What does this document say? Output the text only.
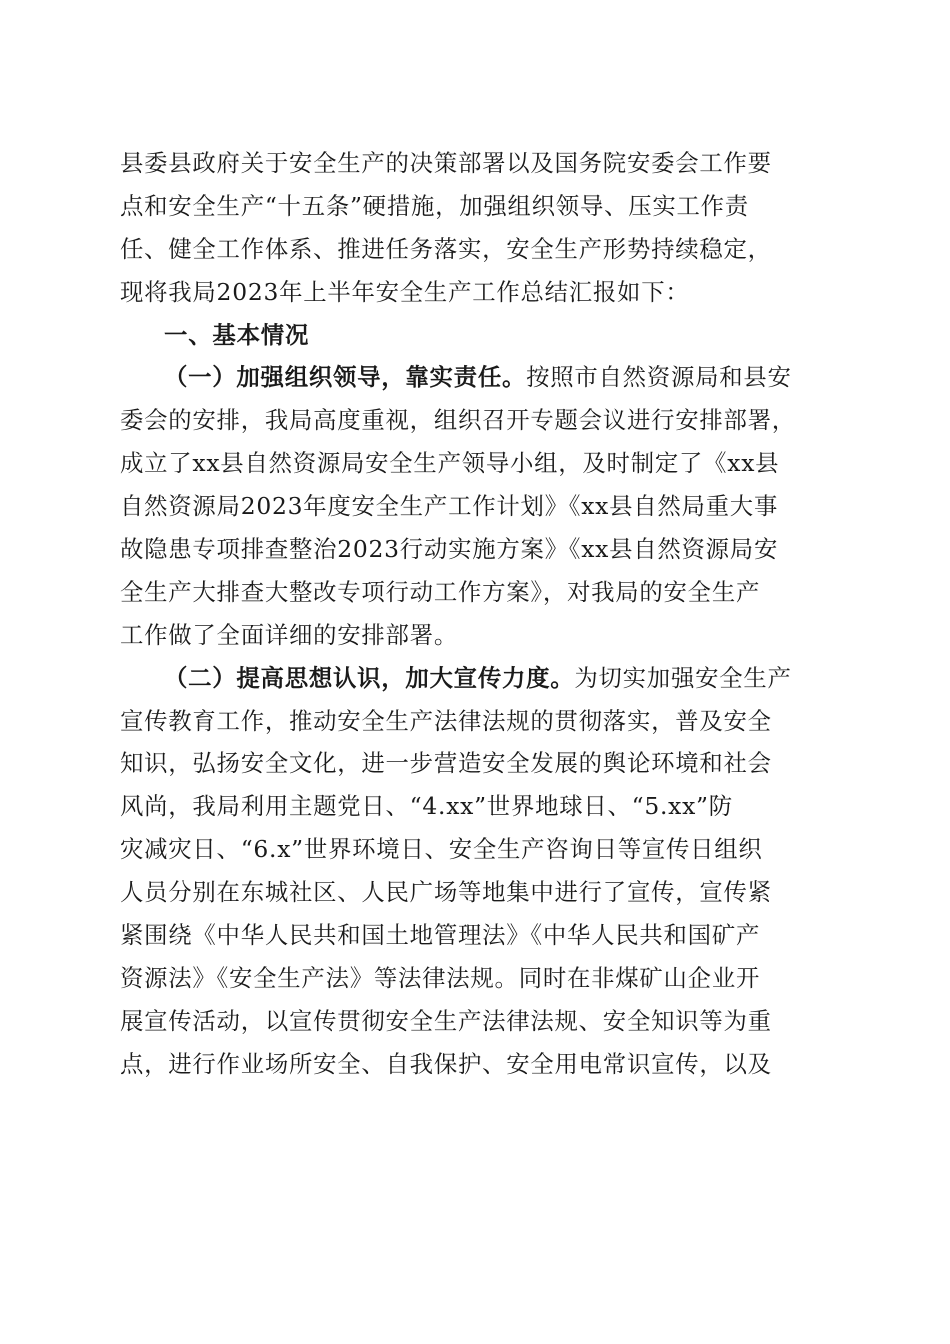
县委县政府关于安全生产的决策部署以及国务院安委会工作要
点和安全生产“十五条”硬措施，加强组织领导、压实工作责
任、健全工作体系、推进任务落实，安全生产形势持续稳定，
现将我局2023年上半年安全生产工作总结汇报如下：
一、基本情况
（一）加强组织领导，靠实责任。按照市自然资源局和县安
委会的安排，我局高度重视，组织召开专题会议进行安排部署，
成立了xx县自然资源局安全生产领导小组，及时制定了《xx县
自然资源局2023年度安全生产工作计划》《xx县自然局重大事
故隐患专项排查整治2023行动实施方案》《xx县自然资源局安
全生产大排查大整改专项行动工作方案》，对我局的安全生产
工作做了全面详细的安排部署。
（二）提高思想认识，加大宣传力度。为切实加强安全生产
宣传教育工作，推动安全生产法律法规的贯彻落实，普及安全
知识，弘扬安全文化，进一步营造安全发展的舆论环境和社会
风尚，我局利用主题党日、“4.xx”世界地球日、“5.xx”防
灾减灾日、“6.x”世界环境日、安全生产咨询日等宣传日组织
人员分别在东城社区、人民广场等地集中进行了宣传，宣传紧
紧围绕《中华人民共和国土地管理法》《中华人民共和国矿产
资源法》《安全生产法》等法律法规。同时在非煤矿山企业开
展宣传活动，以宣传贯彻安全生产法律法规、安全知识等为重
点，进行作业场所安全、自我保护、安全用电常识宣传，以及
